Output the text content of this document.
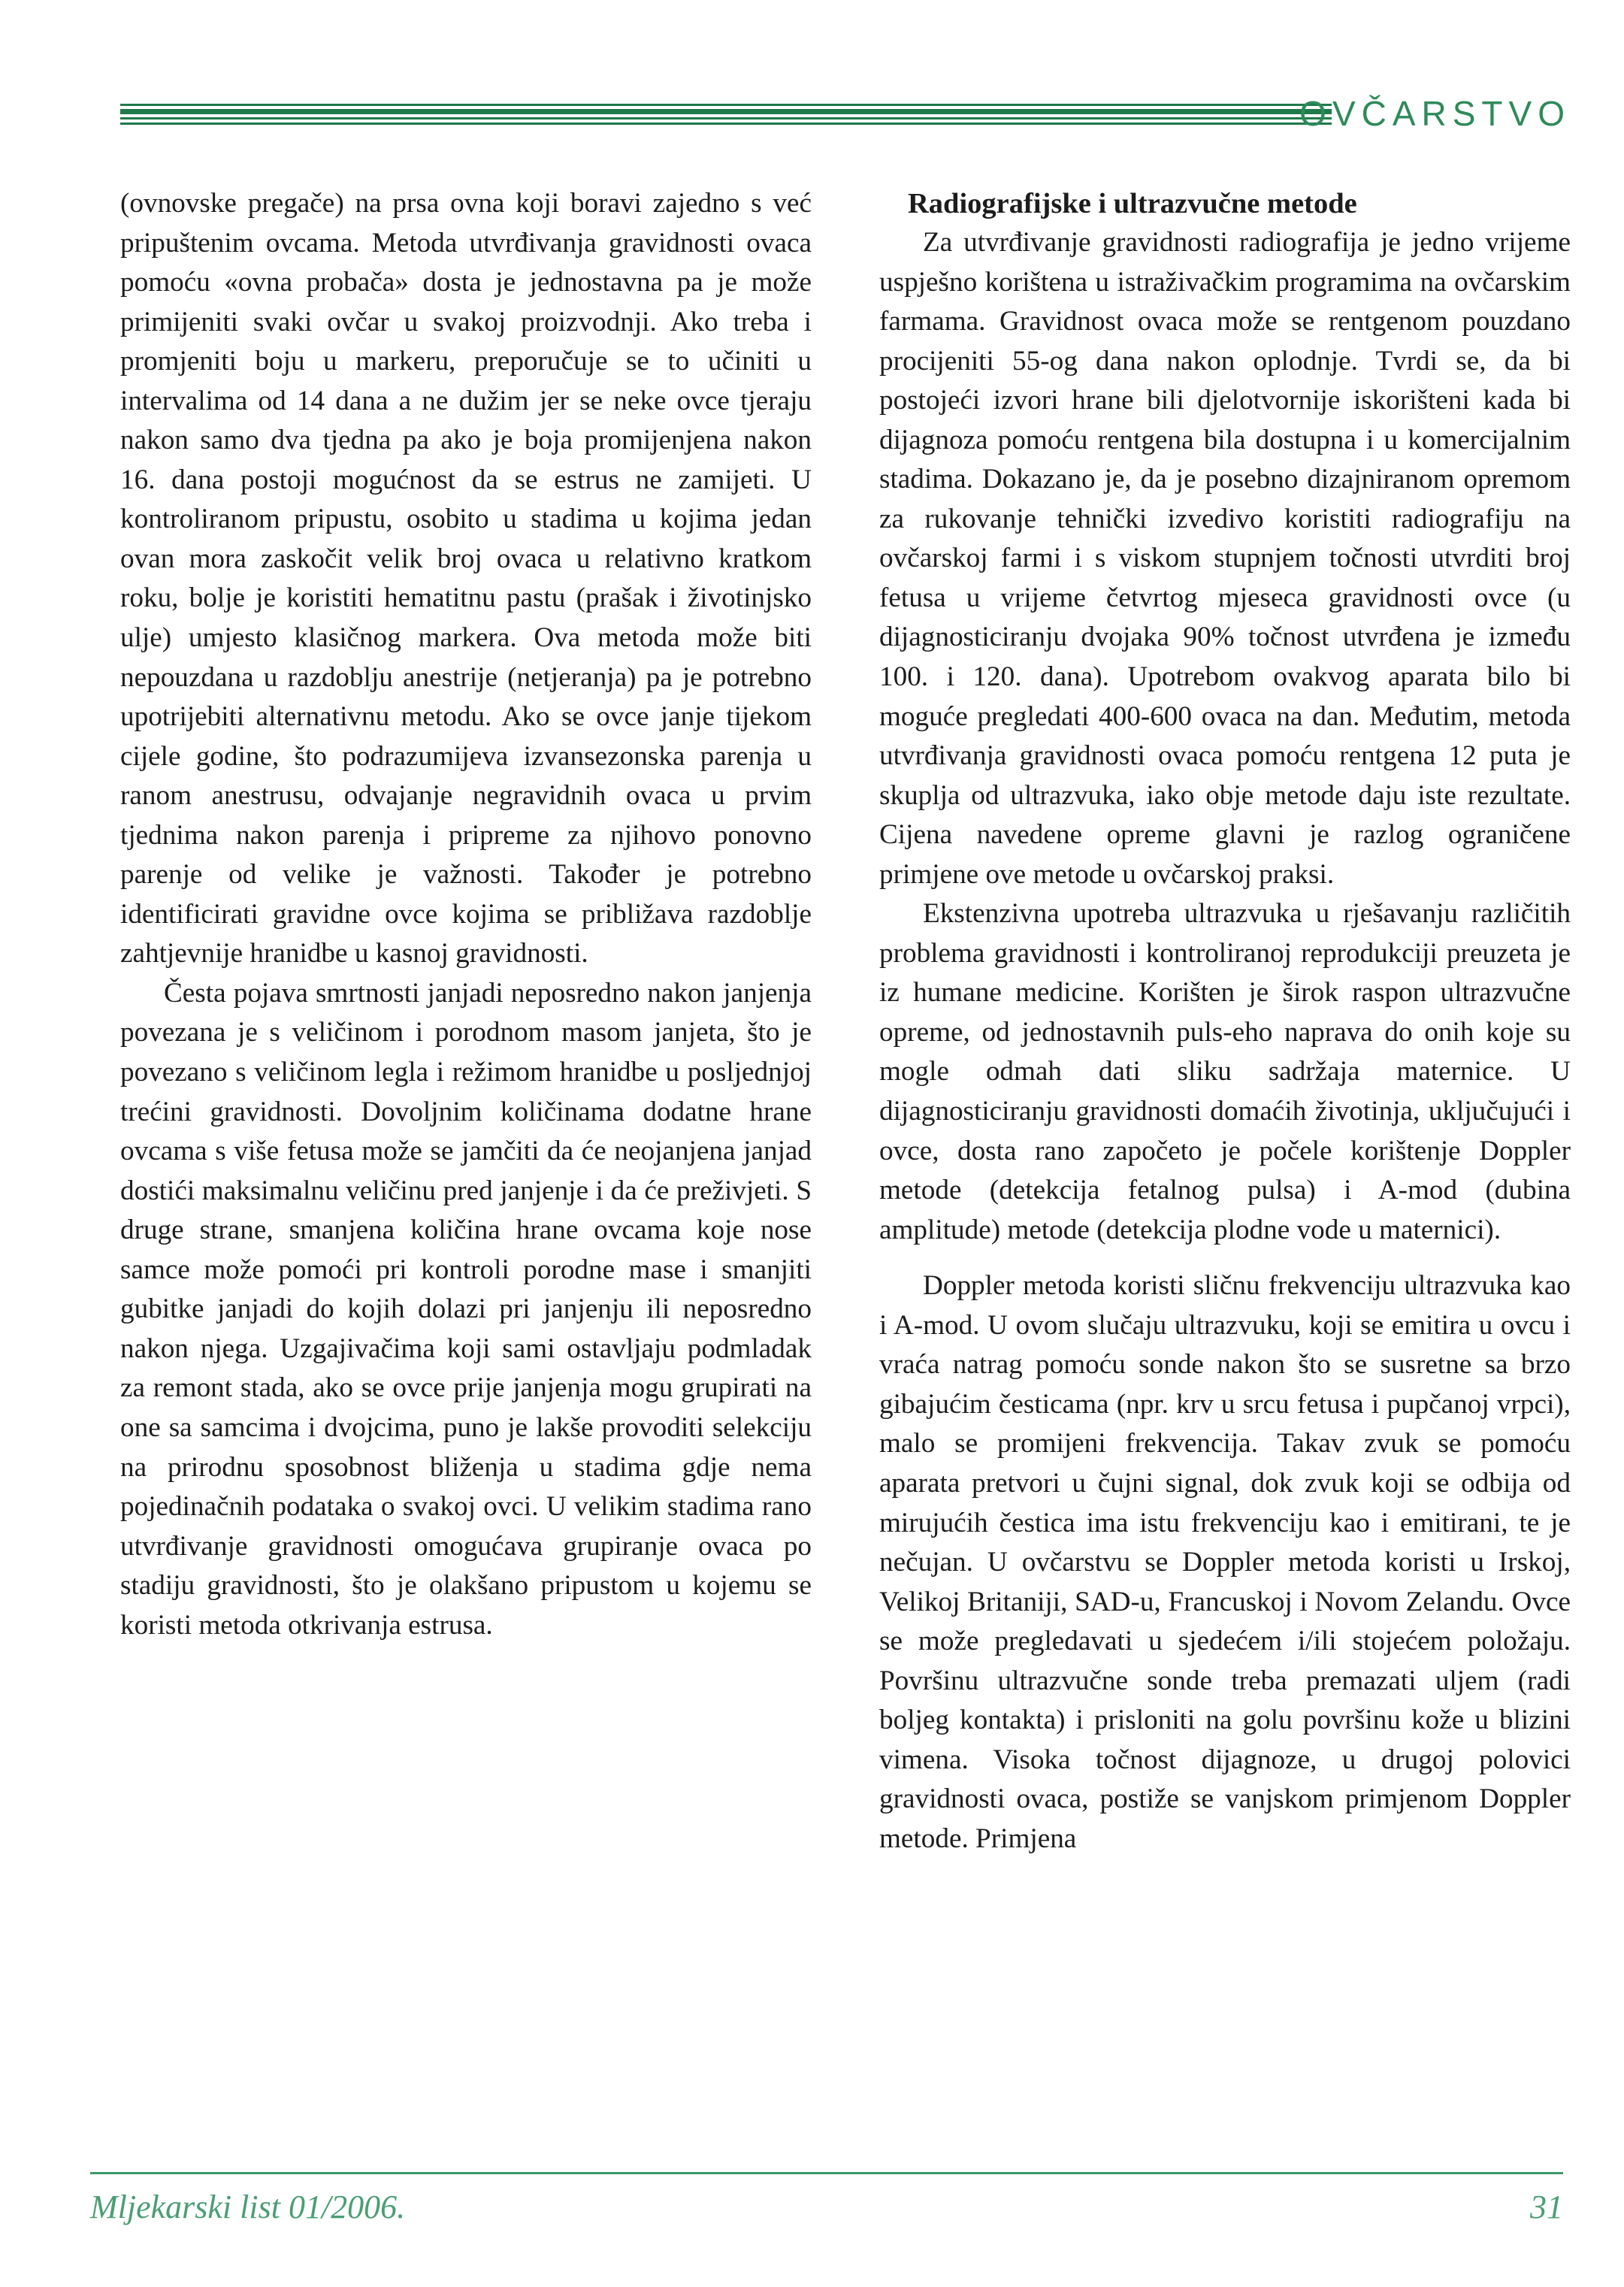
OVČARSTVO

(ovnovske pregače) na prsa ovna koji boravi zajedno s već pripuštenim ovcama. Metoda utvrđivanja gravidnosti ovaca pomoću «ovna probača» dosta je jednostavna pa je može primijeniti svaki ovčar u svakoj proizvodnji. Ako treba i promjeniti boju u markeru, preporučuje se to učiniti u intervalima od 14 dana a ne dužim jer se neke ovce tjeraju nakon samo dva tjedna pa ako je boja promijenjena nakon 16. dana postoji mogućnost da se estrus ne zamijeti. U kontroliranom pripustu, osobito u stadima u kojima jedan ovan mora zaskočit velik broj ovaca u relativno kratkom roku, bolje je koristiti hematitnu pastu (prašak i životinjsko ulje) umjesto klasičnog markera. Ova metoda može biti nepouzdana u razdoblju anestrije (netjeranja) pa je potrebno upotrijebiti alternativnu metodu. Ako se ovce janje tijekom cijele godine, što podrazumijeva izvansezonska parenja u ranom anestrusu, odvajanje negravidnih ovaca u prvim tjednima nakon parenja i pripreme za njihovo ponovno parenje od velike je važnosti. Također je potrebno identificirati gravidne ovce kojima se približava razdoblje zahtjevnije hranidbe u kasnoj gravidnosti.

Česta pojava smrtnosti janjadi neposredno nakon janjenja povezana je s veličinom i porodnom masom janjeta, što je povezano s veličinom legla i režimom hranidbe u posljednjoj trećini gravidnosti. Dovoljnim količinama dodatne hrane ovcama s više fetusa može se jamčiti da će neojanjena janjad dostići maksimalnu veličinu pred janjenje i da će preživjeti. S druge strane, smanjena količina hrane ovcama koje nose samce može pomoći pri kontroli porodne mase i smanjiti gubitke janjadi do kojih dolazi pri janjenju ili neposredno nakon njega. Uzgajivačima koji sami ostavljaju podmladak za remont stada, ako se ovce prije janjenja mogu grupirati na one sa samcima i dvojcima, puno je lakše provoditi selekciju na prirodnu sposobnost bliženja u stadima gdje nema pojedinačnih podataka o svakoj ovci. U velikim stadima rano utvrđivanje gravidnosti omogućava grupiranje ovaca po stadiju gravidnosti, što je olakšano pripustom u kojemu se koristi metoda otkrivanja estrusa.

Radiografijske i ultrazvučne metode

Za utvrđivanje gravidnosti radiografija je jedno vrijeme uspješno korištena u istraživačkim programima na ovčarskim farmama. Gravidnost ovaca može se rentgenom pouzdano procijeniti 55-og dana nakon oplodnje. Tvrdi se, da bi postojeći izvori hrane bili djelotvornije iskorišteni kada bi dijagnoza pomoću rentgena bila dostupna i u komercijalnim stadima. Dokazano je, da je posebno dizajniranom opremom za rukovanje tehnički izvedivo koristiti radiografiju na ovčarskoj farmi i s viskom stupnjem točnosti utvrditi broj fetusa u vrijeme četvrtog mjeseca gravidnosti ovce (u dijagnosticiranju dvojaka 90% točnost utvrđena je između 100. i 120. dana). Upotrebom ovakvog aparata bilo bi moguće pregledati 400-600 ovaca na dan. Međutim, metoda utvrđivanja gravidnosti ovaca pomoću rentgena 12 puta je skuplja od ultrazvuka, iako obje metode daju iste rezultate. Cijena navedene opreme glavni je razlog ograničene primjene ove metode u ovčarskoj praksi.

Ekstenzivna upotreba ultrazvuka u rješavanju različitih problema gravidnosti i kontroliranoj reprodukciji preuzeta je iz humane medicine. Korišten je širok raspon ultrazvučne opreme, od jednostavnih puls-eho naprava do onih koje su mogle odmah dati sliku sadržaja maternice. U dijagnosticiranju gravidnosti domaćih životinja, uključujući i ovce, dosta rano započeto je počele korištenje Doppler metode (detekcija fetalnog pulsa) i A-mod (dubina amplitude) metode (detekcija plodne vode u maternici).

Doppler metoda koristi sličnu frekvenciju ultrazvuka kao i A-mod. U ovom slučaju ultrazvuku, koji se emitira u ovcu i vraća natrag pomoću sonde nakon što se susretne sa brzo gibajućim česticama (npr. krv u srcu fetusa i pupčanoj vrpci), malo se promijeni frekvencija. Takav zvuk se pomoću aparata pretvori u čujni signal, dok zvuk koji se odbija od mirujućih čestica ima istu frekvenciju kao i emitirani, te je nečujan. U ovčarstvu se Doppler metoda koristi u Irskoj, Velikoj Britaniji, SAD-u, Francuskoj i Novom Zelandu. Ovce se može pregledavati u sjedećem i/ili stojećem položaju. Površinu ultrazvučne sonde treba premazati uljem (radi boljeg kontakta) i prisloniti na golu površinu kože u blizini vimena. Visoka točnost dijagnoze, u drugoj polovici gravidnosti ovaca, postiže se vanjskom primjenom Doppler metode. Primjena

Mljekarski list 01/2006.	31
